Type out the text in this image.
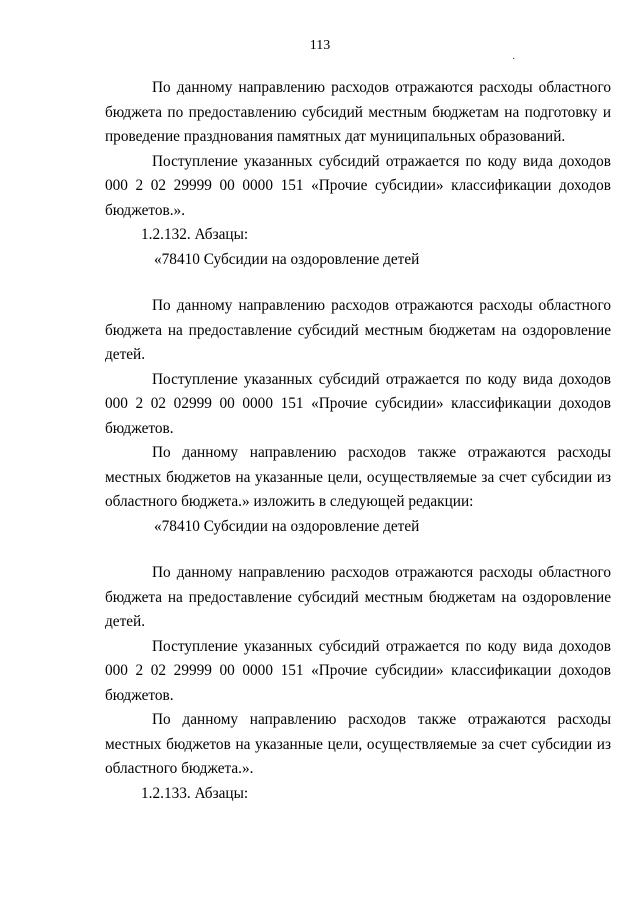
113
·

По данному направлению расходов отражаются расходы областного бюджета по предоставлению субсидий местным бюджетам на подготовку и проведение празднования памятных дат муниципальных образований.

Поступление указанных субсидий отражается по коду вида доходов 000 2 02 29999 00 0000 151 «Прочие субсидии» классификации доходов бюджетов.».

1.2.132. Абзацы:

«78410 Субсидии на оздоровление детей

По данному направлению расходов отражаются расходы областного бюджета на предоставление субсидий местным бюджетам на оздоровление детей.

Поступление указанных субсидий отражается по коду вида доходов 000 2 02 02999 00 0000 151 «Прочие субсидии» классификации доходов бюджетов.

По данному направлению расходов также отражаются расходы местных бюджетов на указанные цели, осуществляемые за счет субсидии из областного бюджета.» изложить в следующей редакции:

«78410 Субсидии на оздоровление детей

По данному направлению расходов отражаются расходы областного бюджета на предоставление субсидий местным бюджетам на оздоровление детей.

Поступление указанных субсидий отражается по коду вида доходов 000 2 02 29999 00 0000 151 «Прочие субсидии» классификации доходов бюджетов.

По данному направлению расходов также отражаются расходы местных бюджетов на указанные цели, осуществляемые за счет субсидии из областного бюджета.».

1.2.133. Абзацы:
